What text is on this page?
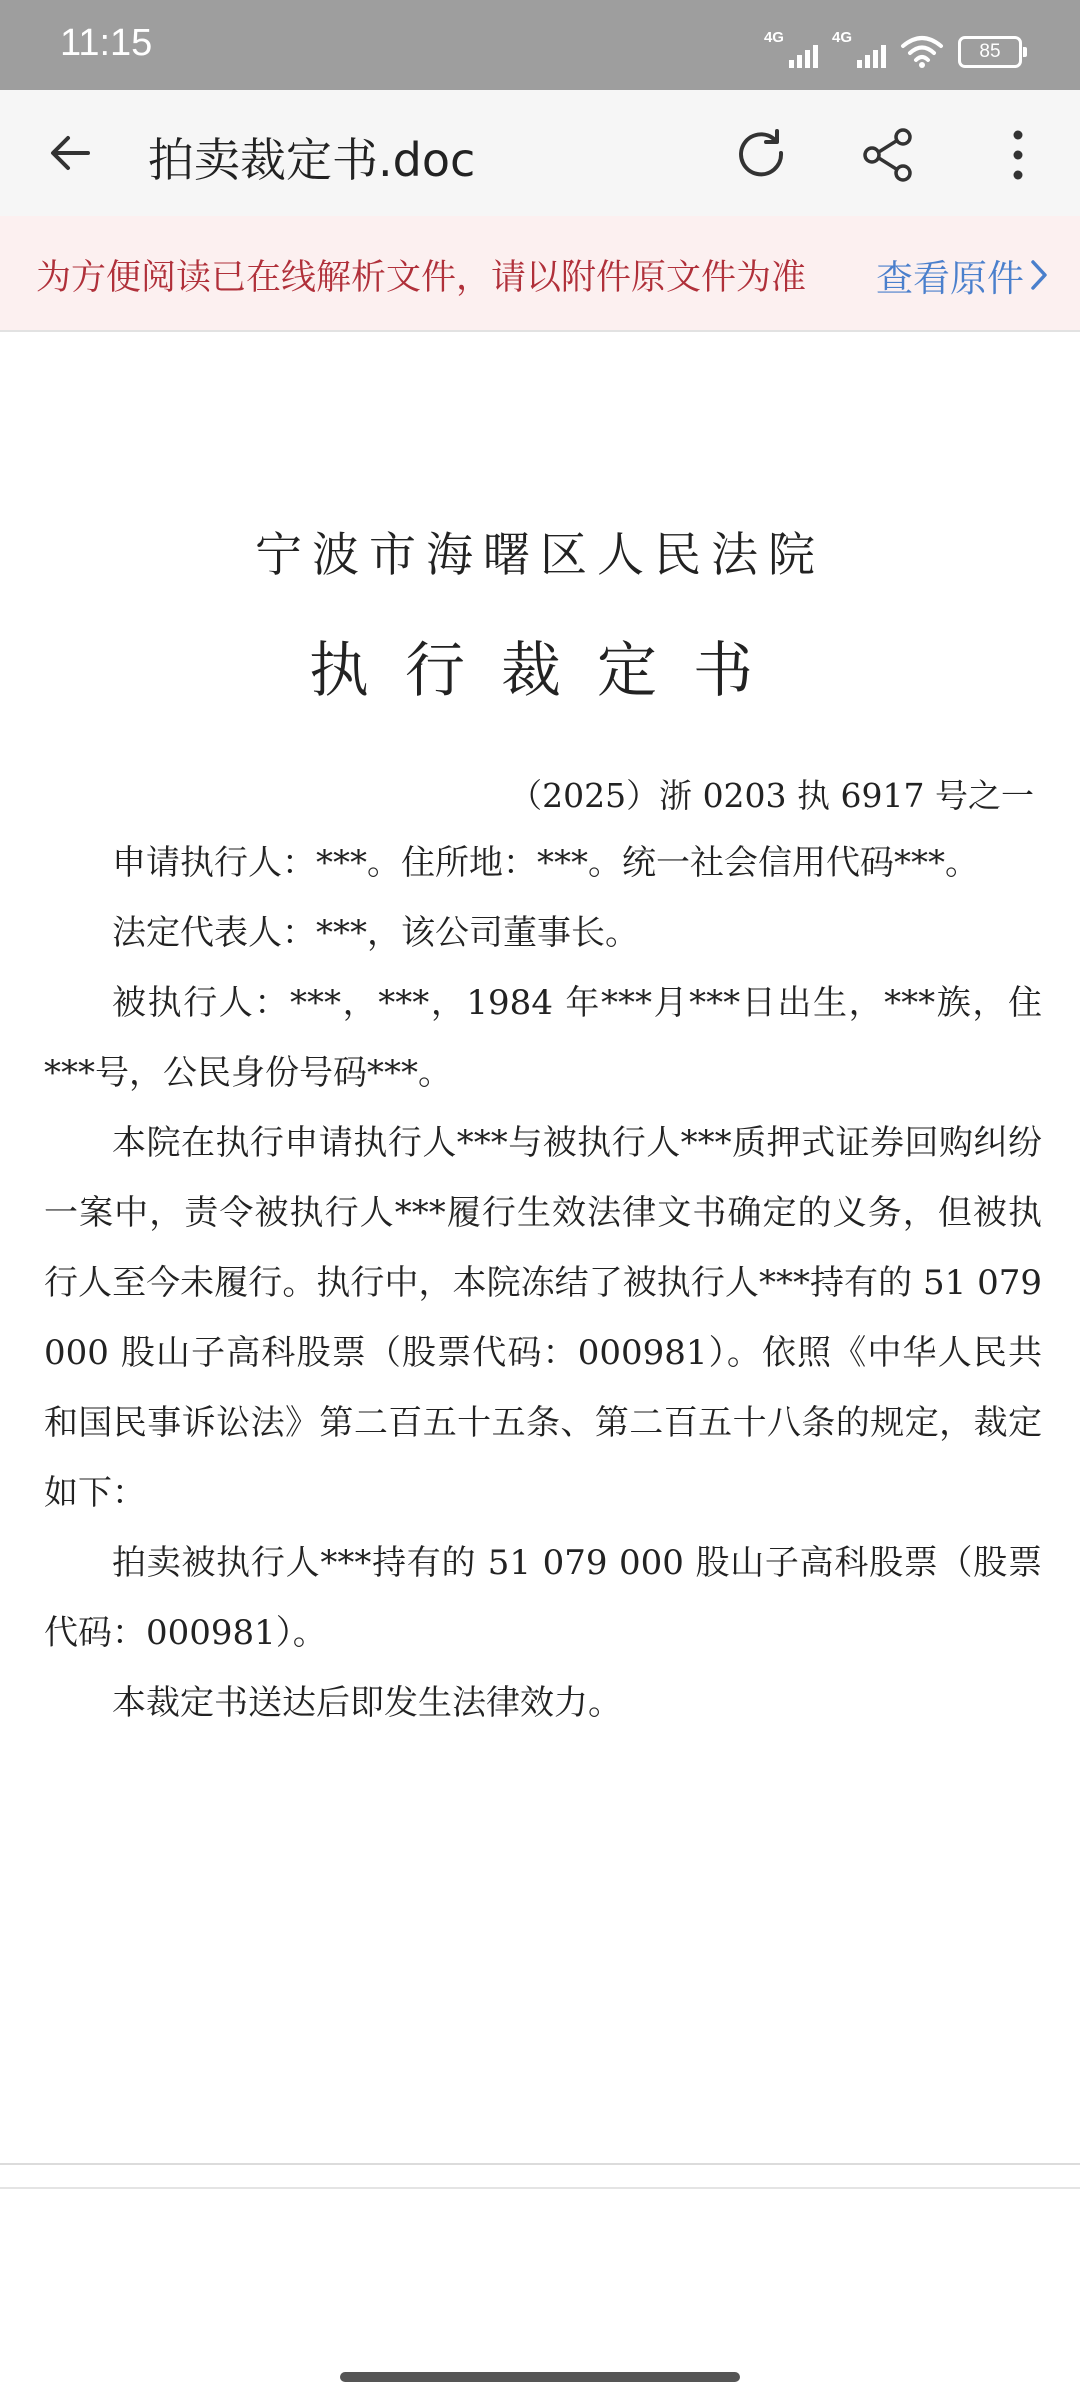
11:15	4G	4G
85
拍卖裁定书.doc
为方便阅读已在线解析文件，请以附件原文件为准 查看原件
宁波市海曙区人民法院
执行裁定书
（2025）浙 0203 执 6917 号之一

申请执行人：***。住所地：***。统一社会信用代码***。

法定代表人：***，该公司董事长。

被执行人：***，***，1984 年***月***日出生，***族，住***号，公民身份号码***。

本院在执行申请执行人***与被执行人***质押式证券回购纠纷一案中，责令被执行人***履行生效法律文书确定的义务，但被执行人至今未履行。执行中，本院冻结了被执行人***持有的 51 079 000 股山子高科股票（股票代码：000981）。依照《中华人民共和国民事诉讼法》第二百五十五条、第二百五十八条的规定，裁定如下：

拍卖被执行人***持有的 51 079 000 股山子高科股票（股票代码：000981）。

本裁定书送达后即发生法律效力。
